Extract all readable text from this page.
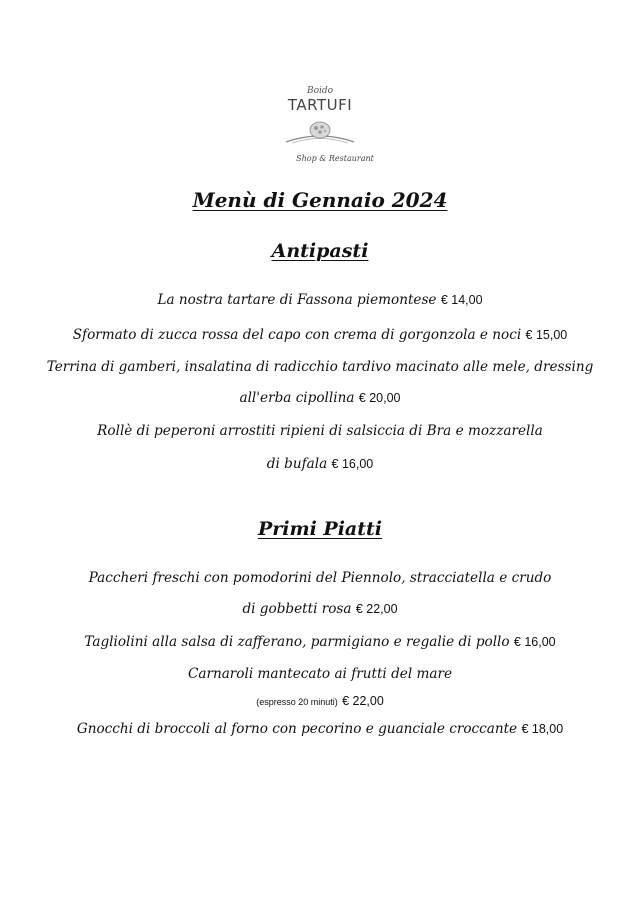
Boido
TARTUFI
Shop & Restaurant
Menù di Gennaio 2024
Antipasti
La nostra tartare di Fassona piemontese € 14,00
Sformato di zucca rossa del capo con crema di gorgonzola e noci € 15,00
Terrina di gamberi, insalatina di radicchio tardivo macinato alle mele, dressing
all'erba cipollina € 20,00
Rollè di peperoni arrostiti ripieni di salsiccia di Bra e mozzarella
di bufala € 16,00
Primi Piatti
Paccheri freschi con pomodorini del Piennolo, stracciatella e crudo
di gobbetti rosa € 22,00
Tagliolini alla salsa di zafferano, parmigiano e regalie di pollo € 16,00
Carnaroli mantecato ai frutti del mare
(espresso 20 minuti) € 22,00
Gnocchi di broccoli al forno con pecorino e guanciale croccante € 18,00
